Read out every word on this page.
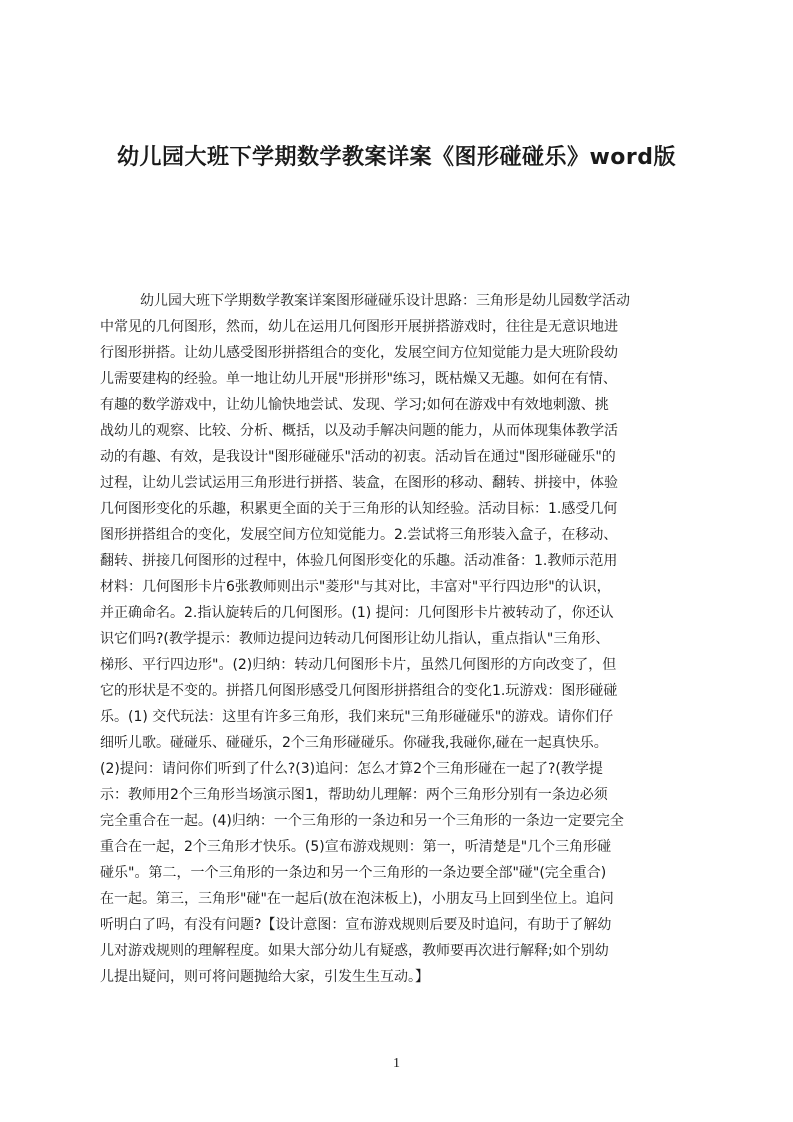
幼儿园大班下学期数学教案详案《图形碰碰乐》word版
幼儿园大班下学期数学教案详案图形碰碰乐设计思路：三角形是幼儿园数学活动
中常见的几何图形，然而，幼儿在运用几何图形开展拼搭游戏时，往往是无意识地进
行图形拼搭。让幼儿感受图形拼搭组合的变化，发展空间方位知觉能力是大班阶段幼
儿需要建构的经验。单一地让幼儿开展"形拼形"练习，既枯燥又无趣。如何在有情、
有趣的数学游戏中，让幼儿愉快地尝试、发现、学习;如何在游戏中有效地刺激、挑
战幼儿的观察、比较、分析、概括，以及动手解决问题的能力，从而体现集体教学活
动的有趣、有效，是我设计"图形碰碰乐"活动的初衷。活动旨在通过"图形碰碰乐"的
过程，让幼儿尝试运用三角形进行拼搭、装盒，在图形的移动、翻转、拼接中，体验
几何图形变化的乐趣，积累更全面的关于三角形的认知经验。活动目标：1.感受几何
图形拼搭组合的变化，发展空间方位知觉能力。2.尝试将三角形装入盒子，在移动、
翻转、拼接几何图形的过程中，体验几何图形变化的乐趣。活动准备：1.教师示范用
材料：几何图形卡片6张教师则出示"菱形"与其对比，丰富对"平行四边形"的认识，
并正确命名。2.指认旋转后的几何图形。(1) 提问：几何图形卡片被转动了，你还认
识它们吗?(教学提示：教师边提问边转动几何图形让幼儿指认，重点指认"三角形、
梯形、平行四边形"。(2)归纳：转动几何图形卡片，虽然几何图形的方向改变了，但
它的形状是不变的。拼搭几何图形感受几何图形拼搭组合的变化1.玩游戏：图形碰碰
乐。(1) 交代玩法：这里有许多三角形，我们来玩"三角形碰碰乐"的游戏。请你们仔
细听儿歌。碰碰乐、碰碰乐，2个三角形碰碰乐。你碰我,我碰你,碰在一起真快乐。
(2)提问：请问你们听到了什么?(3)追问：怎么才算2个三角形碰在一起了?(教学提
示：教师用2个三角形当场演示图1，帮助幼儿理解：两个三角形分别有一条边必须
完全重合在一起。(4)归纳：一个三角形的一条边和另一个三角形的一条边一定要完全
重合在一起，2个三角形才快乐。(5)宣布游戏规则：第一，听清楚是"几个三角形碰
碰乐"。第二，一个三角形的一条边和另一个三角形的一条边要全部"碰"(完全重合)
在一起。第三，三角形"碰"在一起后(放在泡沫板上)，小朋友马上回到坐位上。追问
听明白了吗，有没有问题?【设计意图：宣布游戏规则后要及时追问，有助于了解幼
儿对游戏规则的理解程度。如果大部分幼儿有疑惑，教师要再次进行解释;如个别幼
儿提出疑问，则可将问题抛给大家，引发生生互动。】
1
